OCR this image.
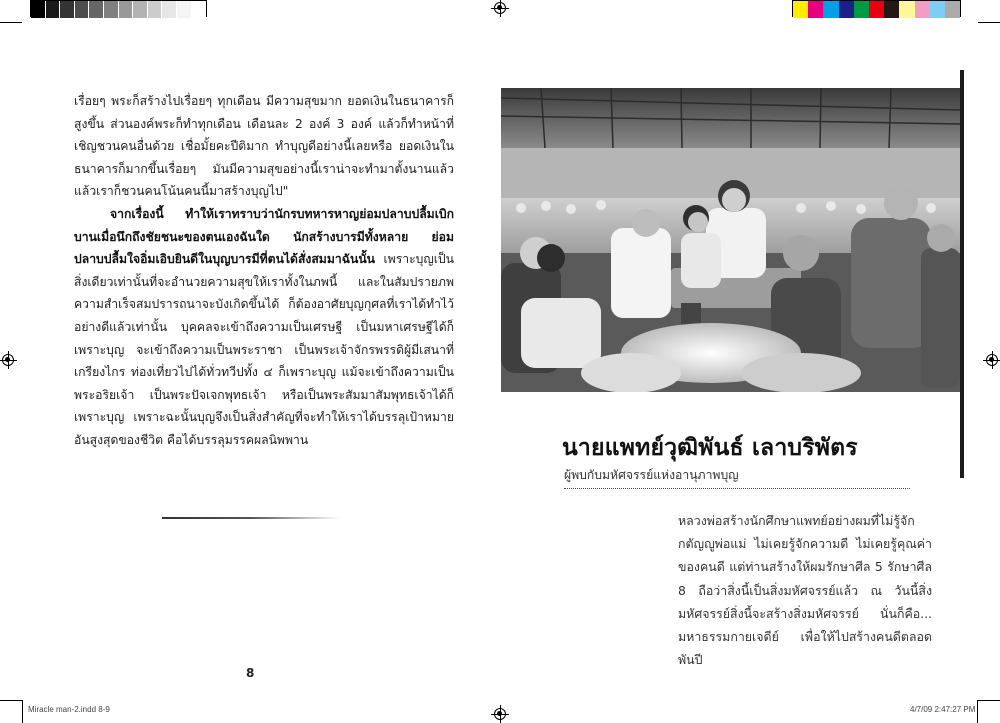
เรื่อยๆ พระก็สร้างไปเรื่อยๆ ทุกเดือน มีความสุขมาก ยอดเงินในธนาคารก็สูงขึ้น ส่วนองค์พระก็ทำทุกเดือน เดือนละ 2 องค์ 3 องค์ แล้วก็ทำหน้าที่เชิญชวนคนอื่นด้วย เชื่อมั้ยคะปีติมาก ทำบุญดีอย่างนี้เลยหรือ ยอดเงินในธนาคารก็มากขึ้นเรื่อยๆ มันมีความสุขอย่างนี้เราน่าจะทำมาตั้งนานแล้ว แล้วเราก็ชวนคนโน้นคนนี้มาสร้างบุญไป"

จากเรื่องนี้ ทำให้เราทราบว่านักรบทหารหาญย่อมปลาบปลื้มเบิกบานเมื่อนึกถึงชัยชนะของตนเองฉันใด นักสร้างบารมีทั้งหลาย ย่อมปลาบปลื้มใจอิ่มเอิบยินดีในบุญบารมีที่ตนได้สั่งสมมาฉันนั้น เพราะบุญเป็นสิ่งเดียวเท่านั้นที่จะอำนวยความสุขให้เราทั้งในภพนี้ และในสัมปรายภพ ความสำเร็จสมปรารถนาจะบังเกิดขึ้นได้ ก็ต้องอาศัยบุญกุศลที่เราได้ทำไว้อย่างดีแล้วเท่านั้น บุคคลจะเข้าถึงความเป็นเศรษฐี เป็นมหาเศรษฐีได้ก็เพราะบุญ จะเข้าถึงความเป็นพระราชา เป็นพระเจ้าจักรพรรดิผู้มีเสนาที่เกรียงไกร ท่องเที่ยวไปได้ทั่วทวีปทั้ง ๔ ก็เพราะบุญ แม้จะเข้าถึงความเป็นพระอริยเจ้า เป็นพระปัจเจกพุทธเจ้า หรือเป็นพระสัมมาสัมพุทธเจ้าได้ก็เพราะบุญ เพราะฉะนั้นบุญจึงเป็นสิ่งสำคัญที่จะทำให้เราได้บรรลุเป้าหมายอันสูงสุดของชีวิต คือได้บรรลุมรรคผลนิพพาน

8
นายแพทย์วุฒิพันธ์ เลาบริพัตร
ผู้พบกับมหัศจรรย์แห่งอานุภาพบุญ

หลวงพ่อสร้างนักศึกษาแพทย์อย่างผมที่ไม่รู้จักกตัญญูพ่อแม่ ไม่เคยรู้จักความดี ไม่เคยรู้คุณค่าของคนดี แต่ท่านสร้างให้ผมรักษาศีล 5 รักษาศีล 8 ถือว่าสิ่งนี้เป็นสิ่งมหัศจรรย์แล้ว ณ วันนี้สิ่งมหัศจรรย์สิ่งนี้จะสร้างสิ่งมหัศจรรย์ นั่นก็คือ... มหาธรรมกายเจดีย์ เพื่อให้ไปสร้างคนดีตลอดพันปี

Miracle man-2.indd 8-9	4/7/09 2:47:27 PM
